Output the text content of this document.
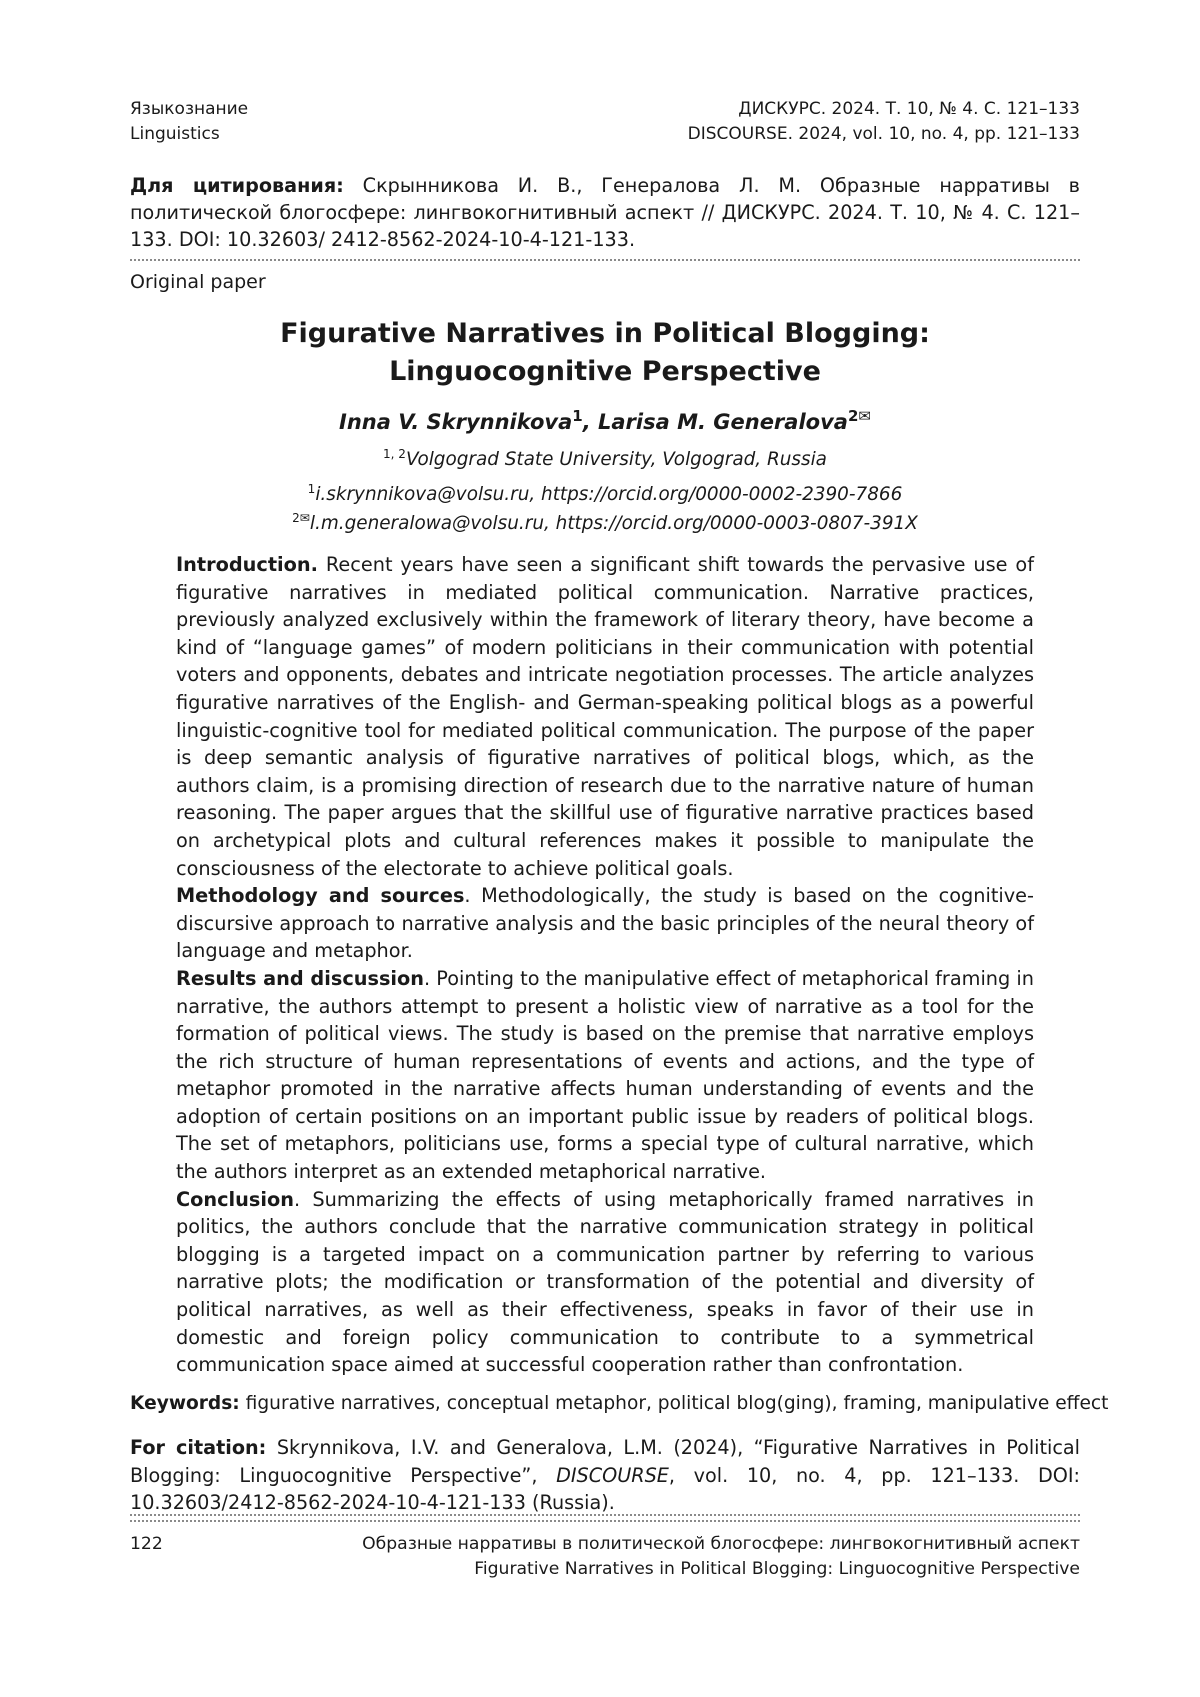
Языкознание	ДИСКУРС. 2024. Т. 10, № 4. С. 121–133
Linguistics	DISCOURSE. 2024, vol. 10, no. 4, pp. 121–133
Для цитирования: Скрынникова И. В., Генералова Л. М. Образные нарративы в политической блогосфере: лингвокогнитивный аспект // ДИСКУРС. 2024. Т. 10, № 4. С. 121–133. DOI: 10.32603/ 2412-8562-2024-10-4-121-133.
Original paper
Figurative Narratives in Political Blogging:
Linguocognitive Perspective
Inna V. Skrynnikova$^1$, Larisa M. Generalova$^{2✉}$
$^{1, 2}$Volgograd State University, Volgograd, Russia
$^1$i.skrynnikova@volsu.ru, https://orcid.org/0000-0002-2390-7866
$^{2✉}$l.m.generalowa@volsu.ru, https://orcid.org/0000-0003-0807-391X

Introduction. Recent years have seen a significant shift towards the pervasive use of figurative narratives in mediated political communication. Narrative practices, previously analyzed exclusively within the framework of literary theory, have become a kind of “language games” of modern politicians in their communication with potential voters and opponents, debates and intricate negotiation processes. The article analyzes figurative narratives of the English- and German-speaking political blogs as a powerful linguistic-cognitive tool for mediated political communication. The purpose of the paper is deep semantic analysis of figurative narratives of political blogs, which, as the authors claim, is a promising direction of research due to the narrative nature of human reasoning. The paper argues that the skillful use of figurative narrative practices based on archetypical plots and cultural references makes it possible to manipulate the consciousness of the electorate to achieve political goals.

Methodology and sources. Methodologically, the study is based on the cognitive-discursive approach to narrative analysis and the basic principles of the neural theory of language and metaphor.

Results and discussion. Pointing to the manipulative effect of metaphorical framing in narrative, the authors attempt to present a holistic view of narrative as a tool for the formation of political views. The study is based on the premise that narrative employs the rich structure of human representations of events and actions, and the type of metaphor promoted in the narrative affects human understanding of events and the adoption of certain positions on an important public issue by readers of political blogs. The set of metaphors, politicians use, forms a special type of cultural narrative, which the authors interpret as an extended metaphorical narrative.

Conclusion. Summarizing the effects of using metaphorically framed narratives in politics, the authors conclude that the narrative communication strategy in political blogging is a targeted impact on a communication partner by referring to various narrative plots; the modification or transformation of the potential and diversity of political narratives, as well as their effectiveness, speaks in favor of their use in domestic and foreign policy communication to contribute to a symmetrical communication space aimed at successful cooperation rather than confrontation.

Keywords: figurative narratives, conceptual metaphor, political blog(ging), framing, manipulative effect
For citation: Skrynnikova, I.V. and Generalova, L.M. (2024), “Figurative Narratives in Political Blogging: Linguocognitive Perspective”, DISCOURSE, vol. 10, no. 4, pp. 121–133. DOI: 10.32603/2412-8562-2024-10-4-121-133 (Russia).
122	Образные нарративы в политической блогосфере: лингвокогнитивный аспект
Figurative Narratives in Political Blogging: Linguocognitive Perspective
